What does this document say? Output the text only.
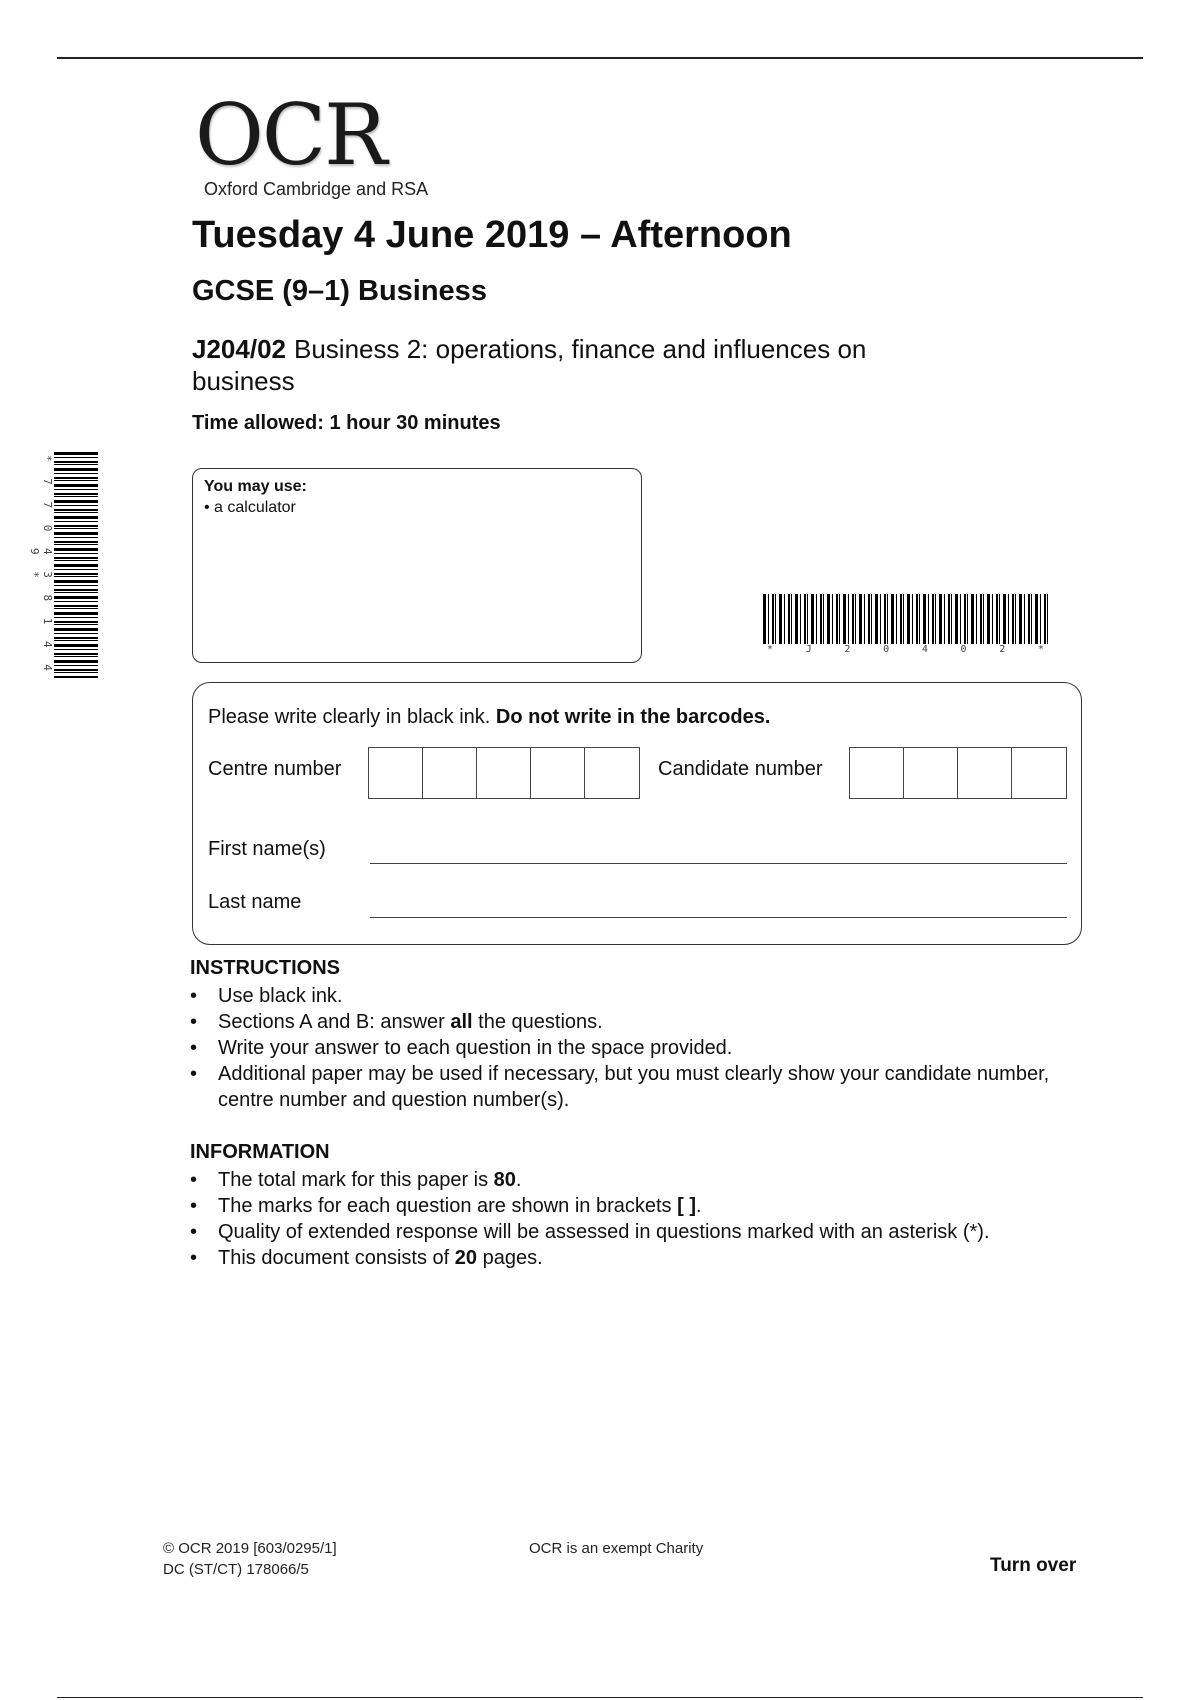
OCR
Oxford Cambridge and RSA
Tuesday 4 June 2019 – Afternoon
GCSE (9–1) Business
J204/02 Business 2: operations, finance and influences on business
Time allowed: 1 hour 30 minutes
* 7 7 0 4 3 8 1 4 4 9 *
You may use:
• a calculator
*	J	2	0	4	0	2	*
Please write clearly in black ink. Do not write in the barcodes.
Centre number	Candidate number
First name(s)
Last name
INSTRUCTIONS
• Use black ink.
• Sections A and B: answer all the questions.
• Write your answer to each question in the space provided.
• Additional paper may be used if necessary, but you must clearly show your candidate number, centre number and question number(s).
INFORMATION
• The total mark for this paper is 80.
• The marks for each question are shown in brackets [ ].
• Quality of extended response will be assessed in questions marked with an asterisk (*).
• This document consists of 20 pages.
© OCR 2019 [603/0295/1]
DC (ST/CT) 178066/5
OCR is an exempt Charity
Turn over
